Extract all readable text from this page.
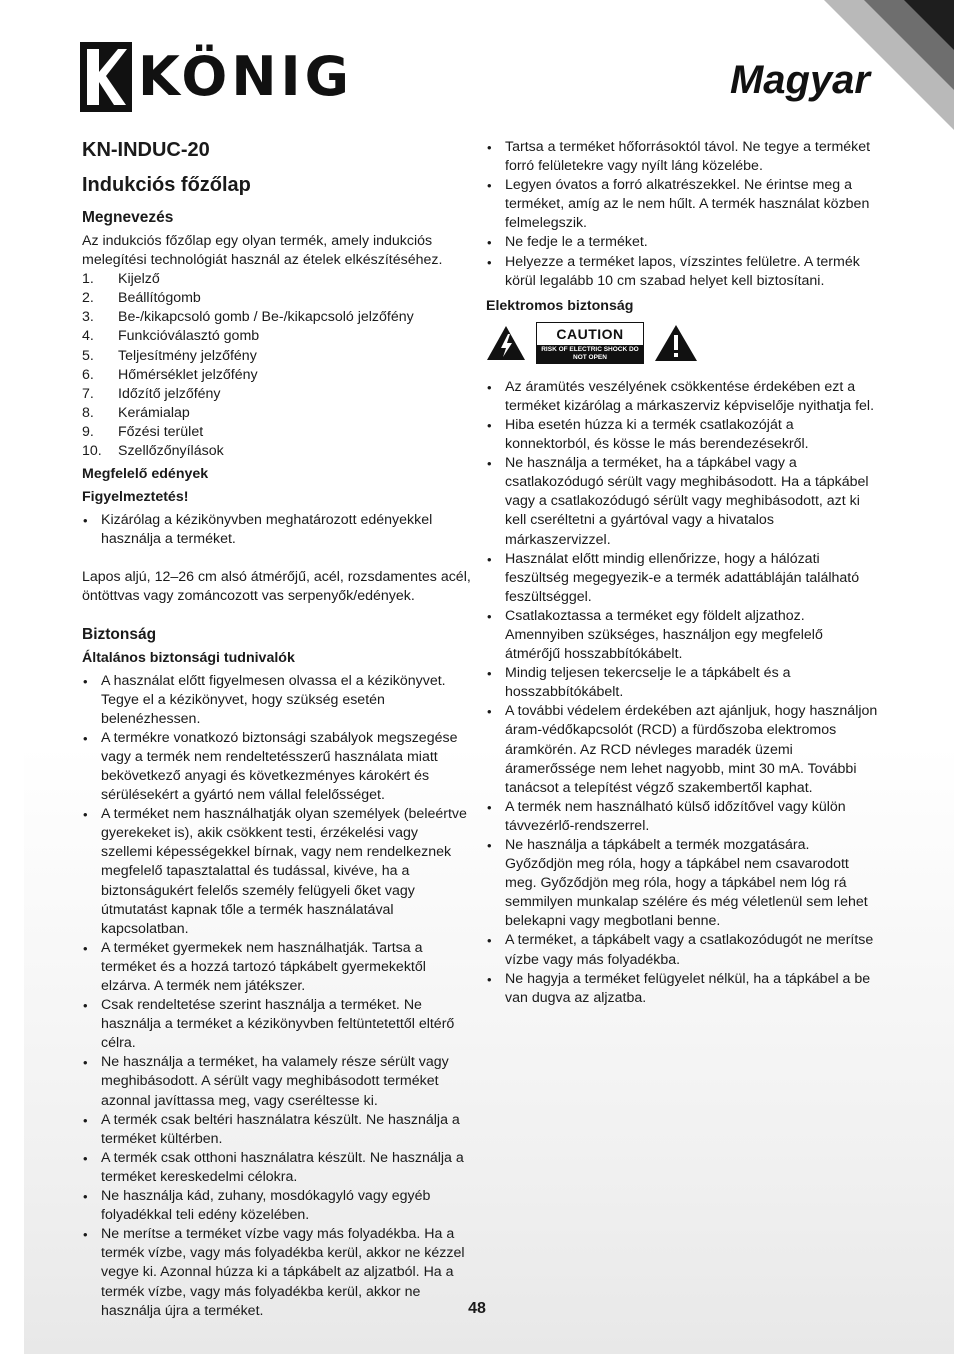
KÖNIG	Magyar
KN-INDUC-20
Indukciós főzőlap
Megnevezés

Az indukciós főzőlap egy olyan termék, amely indukciós melegítési technológiát használ az ételek elkészítéséhez.

1.	Kijelző
2.	Beállítógomb
3.	Be-/kikapcsoló gomb / Be-/kikapcsoló jelzőfény
4.	Funkcióválasztó gomb
5.	Teljesítmény jelzőfény
6.	Hőmérséklet jelzőfény
7.	Időzítő jelzőfény
8.	Kerámialap
9.	Főzési terület
10.	Szellőzőnyílások
Megfelelő edények
Figyelmeztetés!
• Kizárólag a kézikönyvben meghatározott edényekkel használja a terméket.

Lapos aljú, 12–26 cm alsó átmérőjű, acél, rozsdamentes acél, öntöttvas vagy zománcozott vas serpenyők/edények.

Biztonság
Általános biztonsági tudnivalók
• A használat előtt figyelmesen olvassa el a kézikönyvet. Tegye el a kézikönyvet, hogy szükség esetén belenézhessen.
• A termékre vonatkozó biztonsági szabályok megszegése vagy a termék nem rendeltetésszerű használata miatt bekövetkező anyagi és következményes károkért és sérülésekért a gyártó nem vállal felelősséget.
• A terméket nem használhatják olyan személyek (beleértve gyerekeket is), akik csökkent testi, érzékelési vagy szellemi képességekkel bírnak, vagy nem rendelkeznek megfelelő tapasztalattal és tudással, kivéve, ha a biztonságukért felelős személy felügyeli őket vagy útmutatást kapnak tőle a termék használatával kapcsolatban.
• A terméket gyermekek nem használhatják. Tartsa a terméket és a hozzá tartozó tápkábelt gyermekektől elzárva. A termék nem játékszer.
• Csak rendeltetése szerint használja a terméket. Ne használja a terméket a kézikönyvben feltüntetettől eltérő célra.
• Ne használja a terméket, ha valamely része sérült vagy meghibásodott. A sérült vagy meghibásodott terméket azonnal javíttassa meg, vagy cseréltesse ki.
• A termék csak beltéri használatra készült. Ne használja a terméket kültérben.
• A termék csak otthoni használatra készült. Ne használja a terméket kereskedelmi célokra.
• Ne használja kád, zuhany, mosdókagyló vagy egyéb folyadékkal teli edény közelében.
• Ne merítse a terméket vízbe vagy más folyadékba. Ha a termék vízbe, vagy más folyadékba kerül, akkor ne kézzel vegye ki. Azonnal húzza ki a tápkábelt az aljzatból. Ha a termék vízbe, vagy más folyadékba kerül, akkor ne használja újra a terméket.
• Tartsa a terméket hőforrásoktól távol. Ne tegye a terméket forró felületekre vagy nyílt láng közelébe.
• Legyen óvatos a forró alkatrészekkel. Ne érintse meg a terméket, amíg az le nem hűlt. A termék használat közben felmelegszik.
• Ne fedje le a terméket.
• Helyezze a terméket lapos, vízszintes felületre. A termék körül legalább 10 cm szabad helyet kell biztosítani.
Elektromos biztonság
CAUTION
RISK OF ELECTRIC SHOCK DO NOT OPEN
• Az áramütés veszélyének csökkentése érdekében ezt a terméket kizárólag a márkaszerviz képviselője nyithatja fel.
• Hiba esetén húzza ki a termék csatlakozóját a konnektorból, és kösse le más berendezésekről.
• Ne használja a terméket, ha a tápkábel vagy a csatlakozódugó sérült vagy meghibásodott. Ha a tápkábel vagy a csatlakozódugó sérült vagy meghibásodott, azt ki kell cseréltetni a gyártóval vagy a hivatalos márkaszervizzel.
• Használat előtt mindig ellenőrizze, hogy a hálózati feszültség megegyezik-e a termék adattábláján található feszültséggel.
• Csatlakoztassa a terméket egy földelt aljzathoz. Amennyiben szükséges, használjon egy megfelelő átmérőjű hosszabbítókábelt.
• Mindig teljesen tekercselje le a tápkábelt és a hosszabbítókábelt.
• A további védelem érdekében azt ajánljuk, hogy használjon áram-védőkapcsolót (RCD) a fürdőszoba elektromos áramkörén. Az RCD névleges maradék üzemi áramerőssége nem lehet nagyobb, mint 30 mA. További tanácsot a telepítést végző szakembertől kaphat.
• A termék nem használható külső időzítővel vagy külön távvezérlő-rendszerrel.
• Ne használja a tápkábelt a termék mozgatására. Győződjön meg róla, hogy a tápkábel nem csavarodott meg. Győződjön meg róla, hogy a tápkábel nem lóg rá semmilyen munkalap szélére és még véletlenül sem lehet belekapni vagy megbotlani benne.
• A terméket, a tápkábelt vagy a csatlakozódugót ne merítse vízbe vagy más folyadékba.
• Ne hagyja a terméket felügyelet nélkül, ha a tápkábel a be van dugva az aljzatba.
48
